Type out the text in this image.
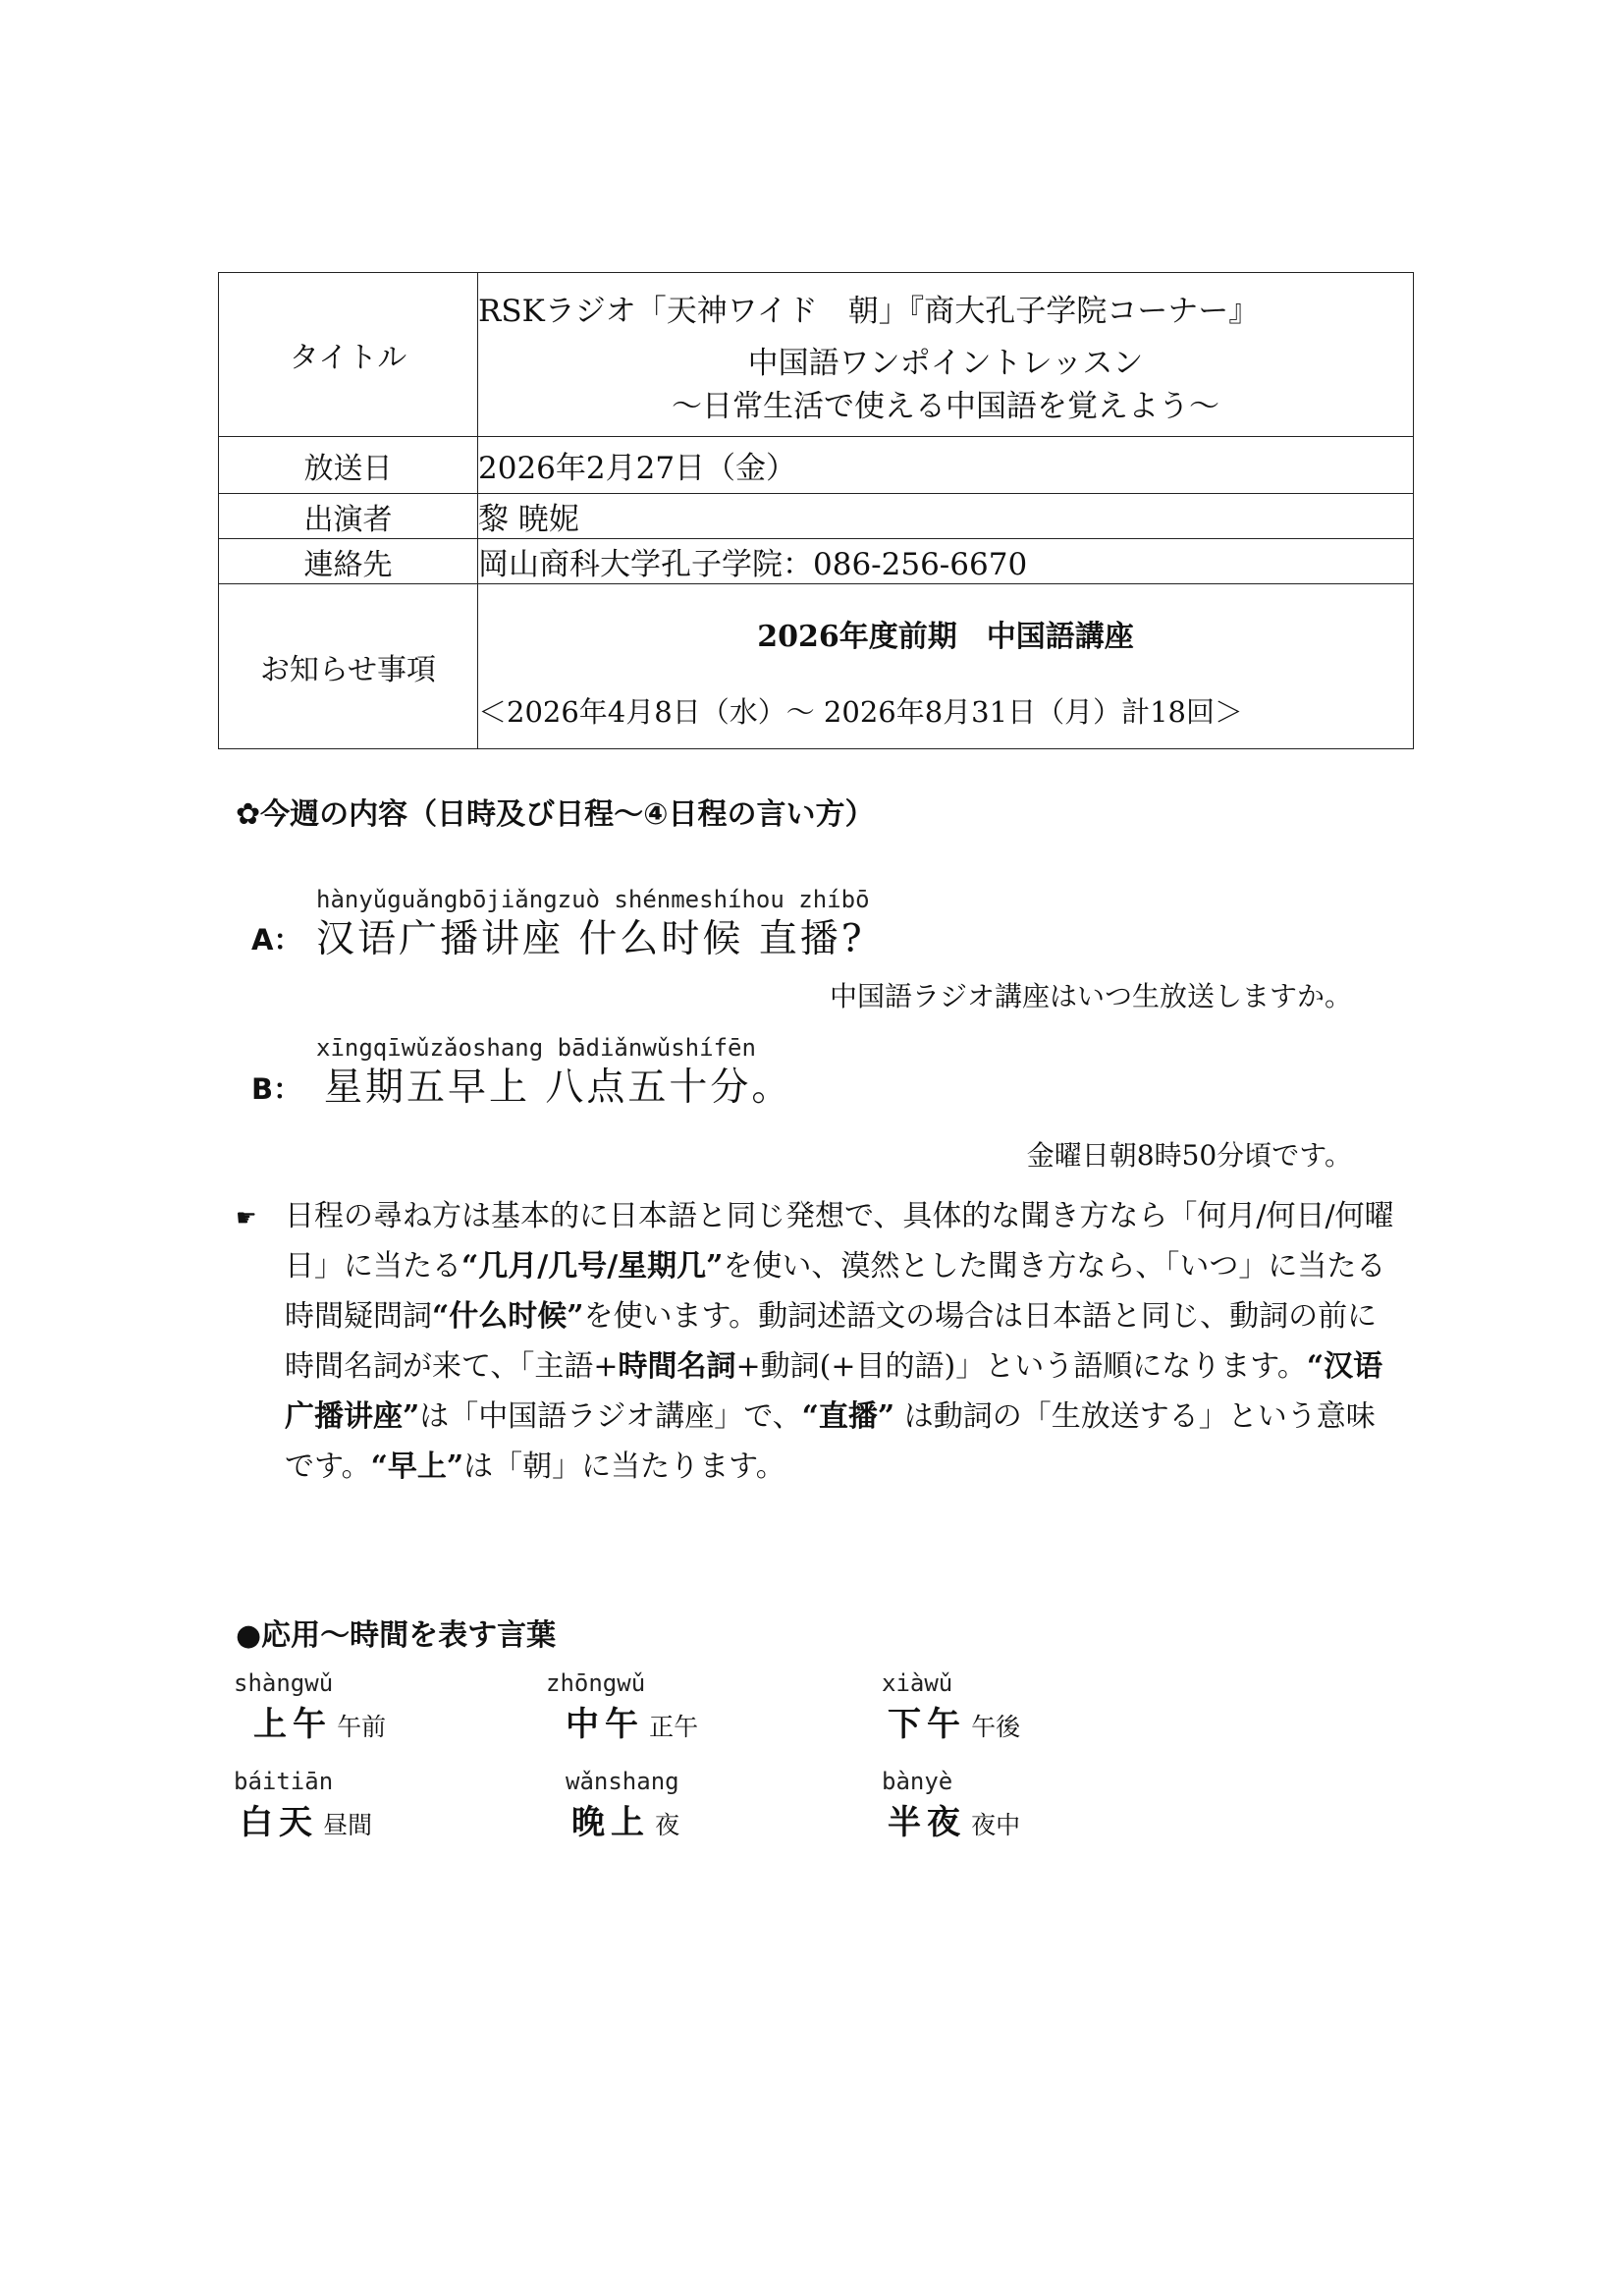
タイトル	RSKラジオ「天神ワイド　朝」『商大孔子学院コーナー』
中国語ワンポイントレッスン
～日常生活で使える中国語を覚えよう～

放送日	2026年2月27日（金）
出演者	黎 暁妮
連絡先	岡山商科大学孔子学院：086-256-6670
お知らせ事項	2026年度前期　中国語講座
＜2026年4月8日（水）～ 2026年8月31日（月）計18回＞
✿今週の内容（日時及び日程～④日程の言い方）
hànyǔguǎngbōjiǎngzuò shénmeshíhou zhíbō
A： 汉语广播讲座 什么时候 直播?
中国語ラジオ講座はいつ生放送しますか。
xīngqīwǔzǎoshang bādiǎnwǔshífēn
B： 星期五早上 八点五十分。
金曜日朝8時50分頃です。
☛ 日程の尋ね方は基本的に日本語と同じ発想で、具体的な聞き方なら「何月/何日/何曜日」に当たる“几月/几号/星期几”を使い、漠然とした聞き方なら、「いつ」に当たる時間疑問詞“什么时候”を使います。動詞述語文の場合は日本語と同じ、動詞の前に時間名詞が来て、「主語+時間名詞+動詞(+目的語)」という語順になります。“汉语广播讲座”は「中国語ラジオ講座」で、“直播” は動詞の「生放送する」という意味です。“早上”は「朝」に当たります。
●応用～時間を表す言葉
shàngwǔ
上午 午前
zhōngwǔ
中午 正午
xiàwǔ
下午 午後
báitiān
白天 昼間
wǎnshang
晚上 夜
bànyè
半夜 夜中
